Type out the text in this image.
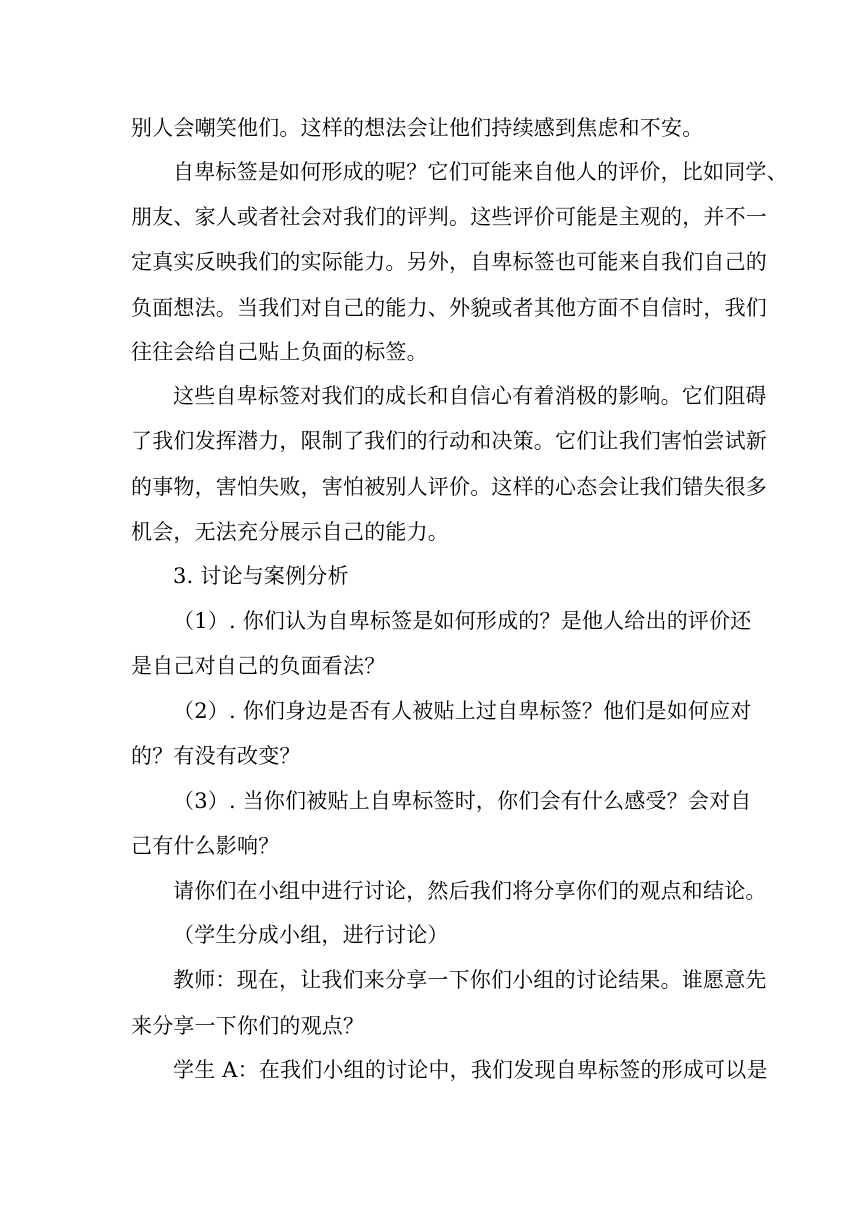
别人会嘲笑他们。这样的想法会让他们持续感到焦虑和不安。
自卑标签是如何形成的呢？它们可能来自他人的评价，比如同学、
朋友、家人或者社会对我们的评判。这些评价可能是主观的，并不一
定真实反映我们的实际能力。另外，自卑标签也可能来自我们自己的
负面想法。当我们对自己的能力、外貌或者其他方面不自信时，我们
往往会给自己贴上负面的标签。
这些自卑标签对我们的成长和自信心有着消极的影响。它们阻碍
了我们发挥潜力，限制了我们的行动和决策。它们让我们害怕尝试新
的事物，害怕失败，害怕被别人评价。这样的心态会让我们错失很多
机会，无法充分展示自己的能力。
3. 讨论与案例分析
（1）. 你们认为自卑标签是如何形成的？是他人给出的评价还
是自己对自己的负面看法？
（2）. 你们身边是否有人被贴上过自卑标签？他们是如何应对
的？有没有改变？
（3）. 当你们被贴上自卑标签时，你们会有什么感受？会对自
己有什么影响？
请你们在小组中进行讨论，然后我们将分享你们的观点和结论。
（学生分成小组，进行讨论）
教师：现在，让我们来分享一下你们小组的讨论结果。谁愿意先
来分享一下你们的观点？
学生 A：在我们小组的讨论中，我们发现自卑标签的形成可以是
